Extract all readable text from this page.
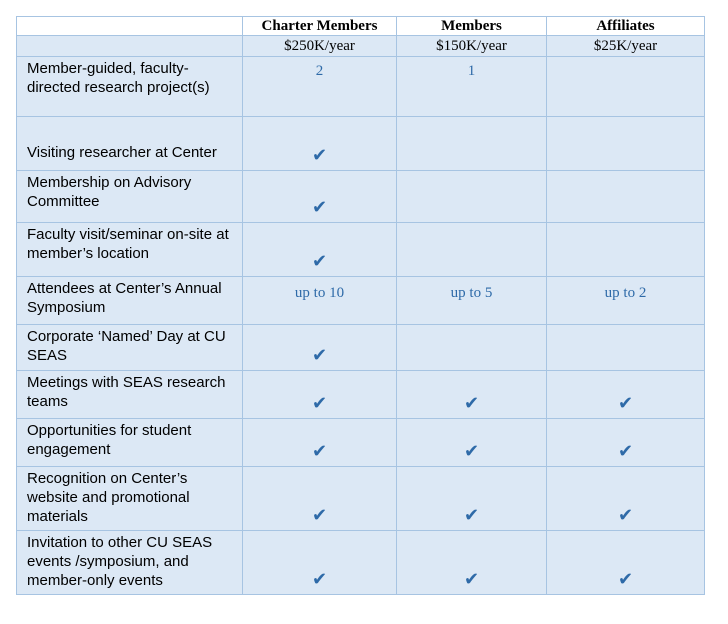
	Charter Members	Members	Affiliates
	$250K/year	$150K/year	$25K/year
Member-guided, faculty-directed research project(s)	2	1	
Visiting researcher at Center	✔		
Membership on Advisory Committee	✔		
Faculty visit/seminar on-site at member’s location	✔		
Attendees at Center’s Annual Symposium	up to 10	up to 5	up to 2
Corporate ‘Named’ Day at CU SEAS	✔		
Meetings with SEAS research teams	✔	✔	✔
Opportunities for student engagement	✔	✔	✔
Recognition on Center’s website and promotional materials	✔	✔	✔
Invitation to other CU SEAS events /symposium, and member-only events	✔	✔	✔
